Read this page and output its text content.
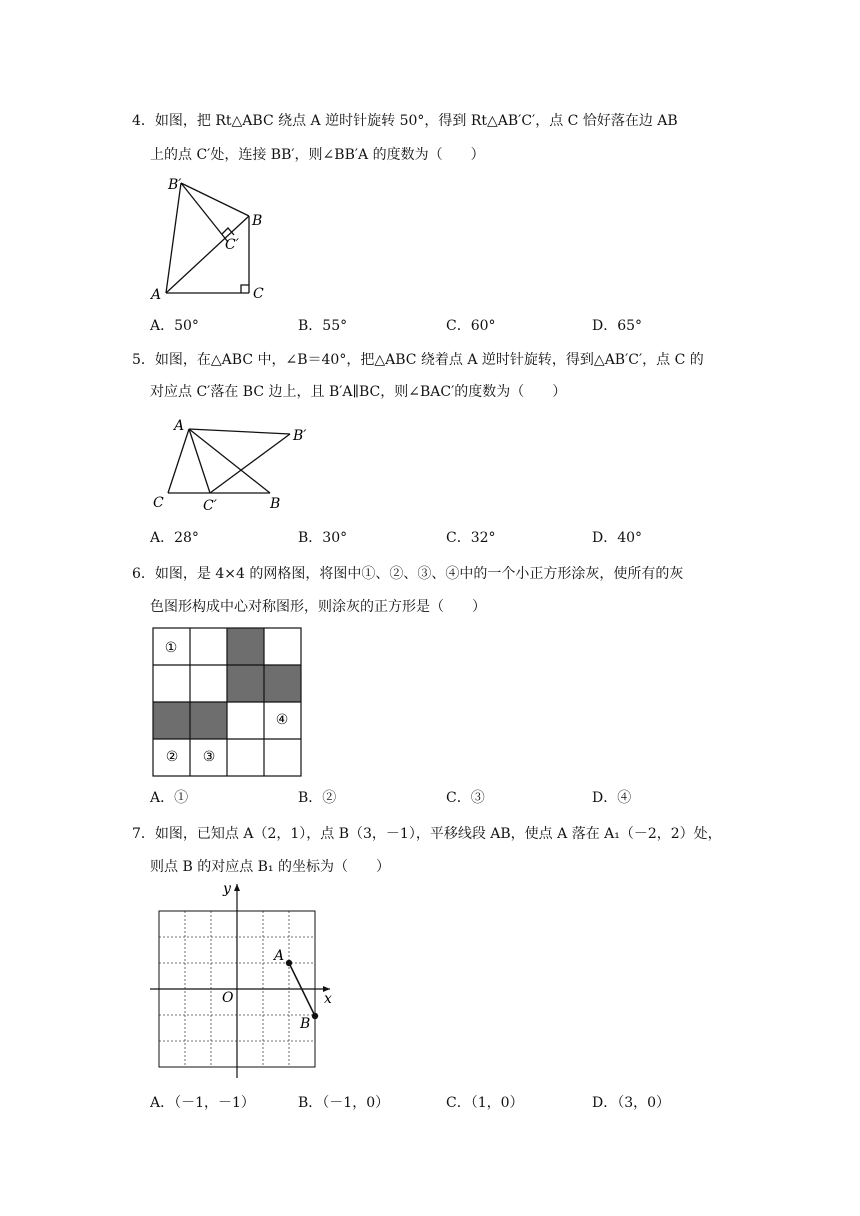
4．如图，把 Rt△ABC 绕点 A 逆时针旋转 50°，得到 Rt△AB′C′，点 C 恰好落在边 AB
上的点 C′处，连接 BB′，则∠BB′A 的度数为（　　）
B′
B
C′
A	C
A．50°	B．55°	C．60°	D．65°
5．如图，在△ABC 中，∠B＝40°，把△ABC 绕着点 A 逆时针旋转，得到△AB′C′，点 C 的
对应点 C′落在 BC 边上，且 B′A∥BC，则∠BAC′的度数为（　　）
A
B′
C	C′	B
A．28°	B．30°	C．32°	D．40°
6．如图，是 4×4 的网格图，将图中①、②、③、④中的一个小正方形涂灰，使所有的灰
色图形构成中心对称图形，则涂灰的正方形是（　　）
①
④
② ③
A．①	B．②	C．③	D．④
7．如图，已知点 A（2，1），点 B（3，－1），平移线段 AB，使点 A 落在 A₁（－2，2）处，
则点 B 的对应点 B₁ 的坐标为（　　）
y
x
O
A
B
A．（－1，－1）	B．（－1，0）	C．（1，0）	D．（3，0）
